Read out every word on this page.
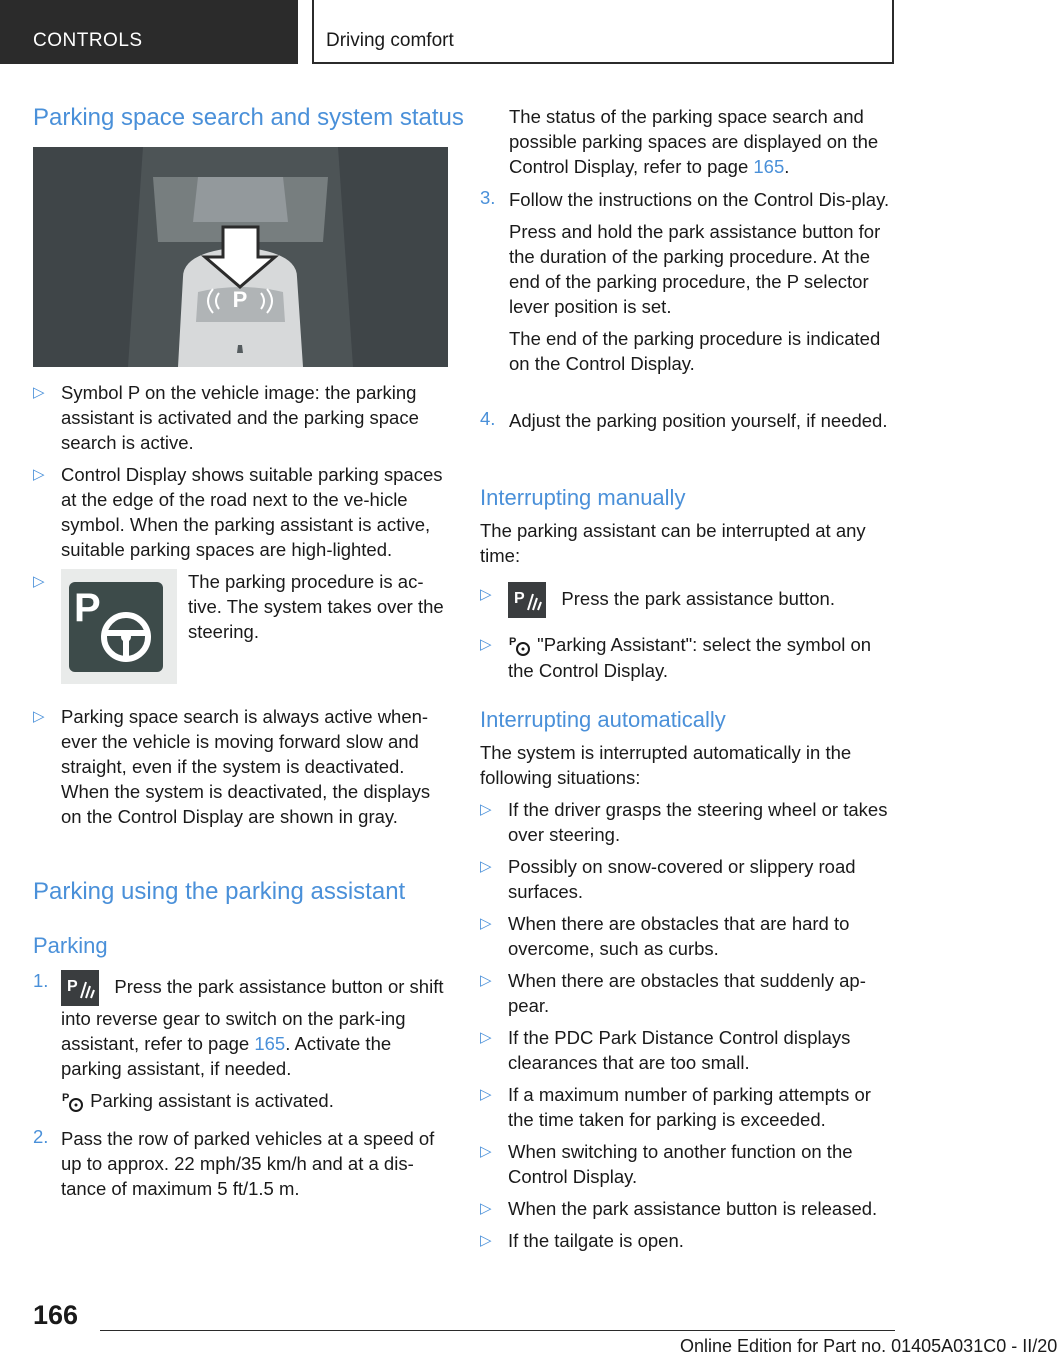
CONTROLS	Driving comfort
Parking space search and system status
P
▷ Symbol P on the vehicle image: the parking assistant is activated and the parking space search is active.
▷ Control Display shows suitable parking spaces at the edge of the road next to the ve-hicle symbol. When the parking assistant is active, suitable parking spaces are high-lighted.
▷
P
The parking procedure is ac-tive. The system takes over the steering.
▷ Parking space search is always active when-ever the vehicle is moving forward slow and straight, even if the system is deactivated. When the system is deactivated, the displays on the Control Display are shown in gray.
Parking using the parking assistant
Parking
1. P Press the park assistance button or shift into reverse gear to switch on the park-ing assistant, refer to page 165. Activate the parking assistant, if needed.

P Parking assistant is activated.

2. Pass the row of parked vehicles at a speed of up to approx. 22 mph/35 km/h and at a dis-tance of maximum 5 ft/1.5 m.

The status of the parking space search and possible parking spaces are displayed on the Control Display, refer to page 165.

3. Follow the instructions on the Control Dis-play.

Press and hold the park assistance button for the duration of the parking procedure. At the end of the parking procedure, the P selector lever position is set.

The end of the parking procedure is indicated on the Control Display.

4. Adjust the parking position yourself, if needed.

Interrupting manually

The parking assistant can be interrupted at any time:

▷ P Press the park assistance button.
▷ P "Parking Assistant": select the symbol on the Control Display.
Interrupting automatically

The system is interrupted automatically in the following situations:

▷ If the driver grasps the steering wheel or takes over steering.
▷ Possibly on snow-covered or slippery road surfaces.
▷ When there are obstacles that are hard to overcome, such as curbs.
▷ When there are obstacles that suddenly ap-pear.
▷ If the PDC Park Distance Control displays clearances that are too small.
▷ If a maximum number of parking attempts or the time taken for parking is exceeded.
▷ When switching to another function on the Control Display.
▷ When the park assistance button is released.
▷ If the tailgate is open.
166
Online Edition for Part no. 01405A031C0 - II/20
